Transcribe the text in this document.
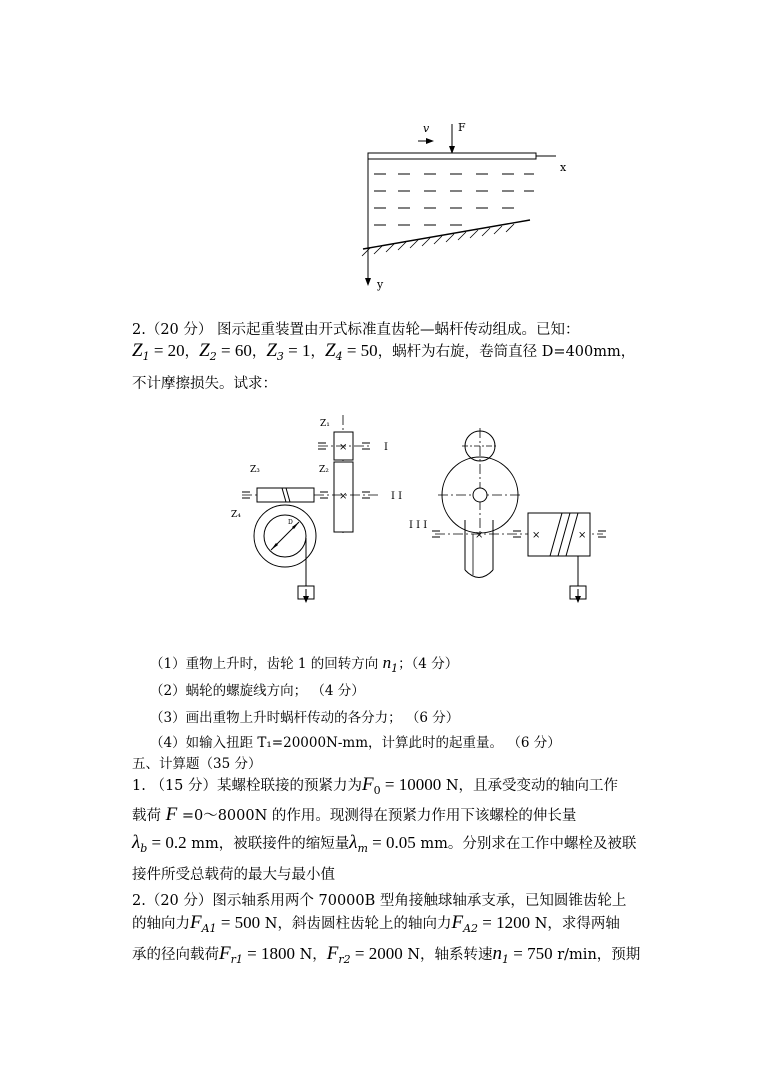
v	F
x
y
2.（20 分） 图示起重装置由开式标准直齿轮—蜗杆传动组成。已知：
$Z_1 = 20$，$Z_2 = 60$，$Z_3 = 1$，$Z_4 = 50$，蜗杆为右旋，卷筒直径 D=400mm，
不计摩擦损失。试求：
Z₁
Z₃	Z₂
Z₄
×	I
×	I I
D
×
I I I
×	×
（1）重物上升时，齿轮 1 的回转方向 $n_1$；（4 分）
（2）蜗轮的螺旋线方向； （4 分）
（3）画出重物上升时蜗杆传动的各分力； （6 分）
（4）如输入扭距 T₁=20000N-mm，计算此时的起重量。 （6 分）
五、计算题（35 分）
1. （15 分）某螺栓联接的预紧力为$F_0 = 10000$ N，且承受变动的轴向工作
载荷 F =0～8000N 的作用。现测得在预紧力作用下该螺栓的伸长量
$\lambda_b = 0.2$ mm，被联接件的缩短量$\lambda_m = 0.05$ mm。分别求在工作中螺栓及被联
接件所受总载荷的最大与最小值
2.（20 分）图示轴系用两个 70000B 型角接触球轴承支承，已知圆锥齿轮上
的轴向力$F_{A1} = 500$ N，斜齿圆柱齿轮上的轴向力$F_{A2} = 1200$ N，求得两轴
承的径向载荷$F_{r1} = 1800$ N，$F_{r2} = 2000$ N，轴系转速$n_1 = 750$ r/min，预期
